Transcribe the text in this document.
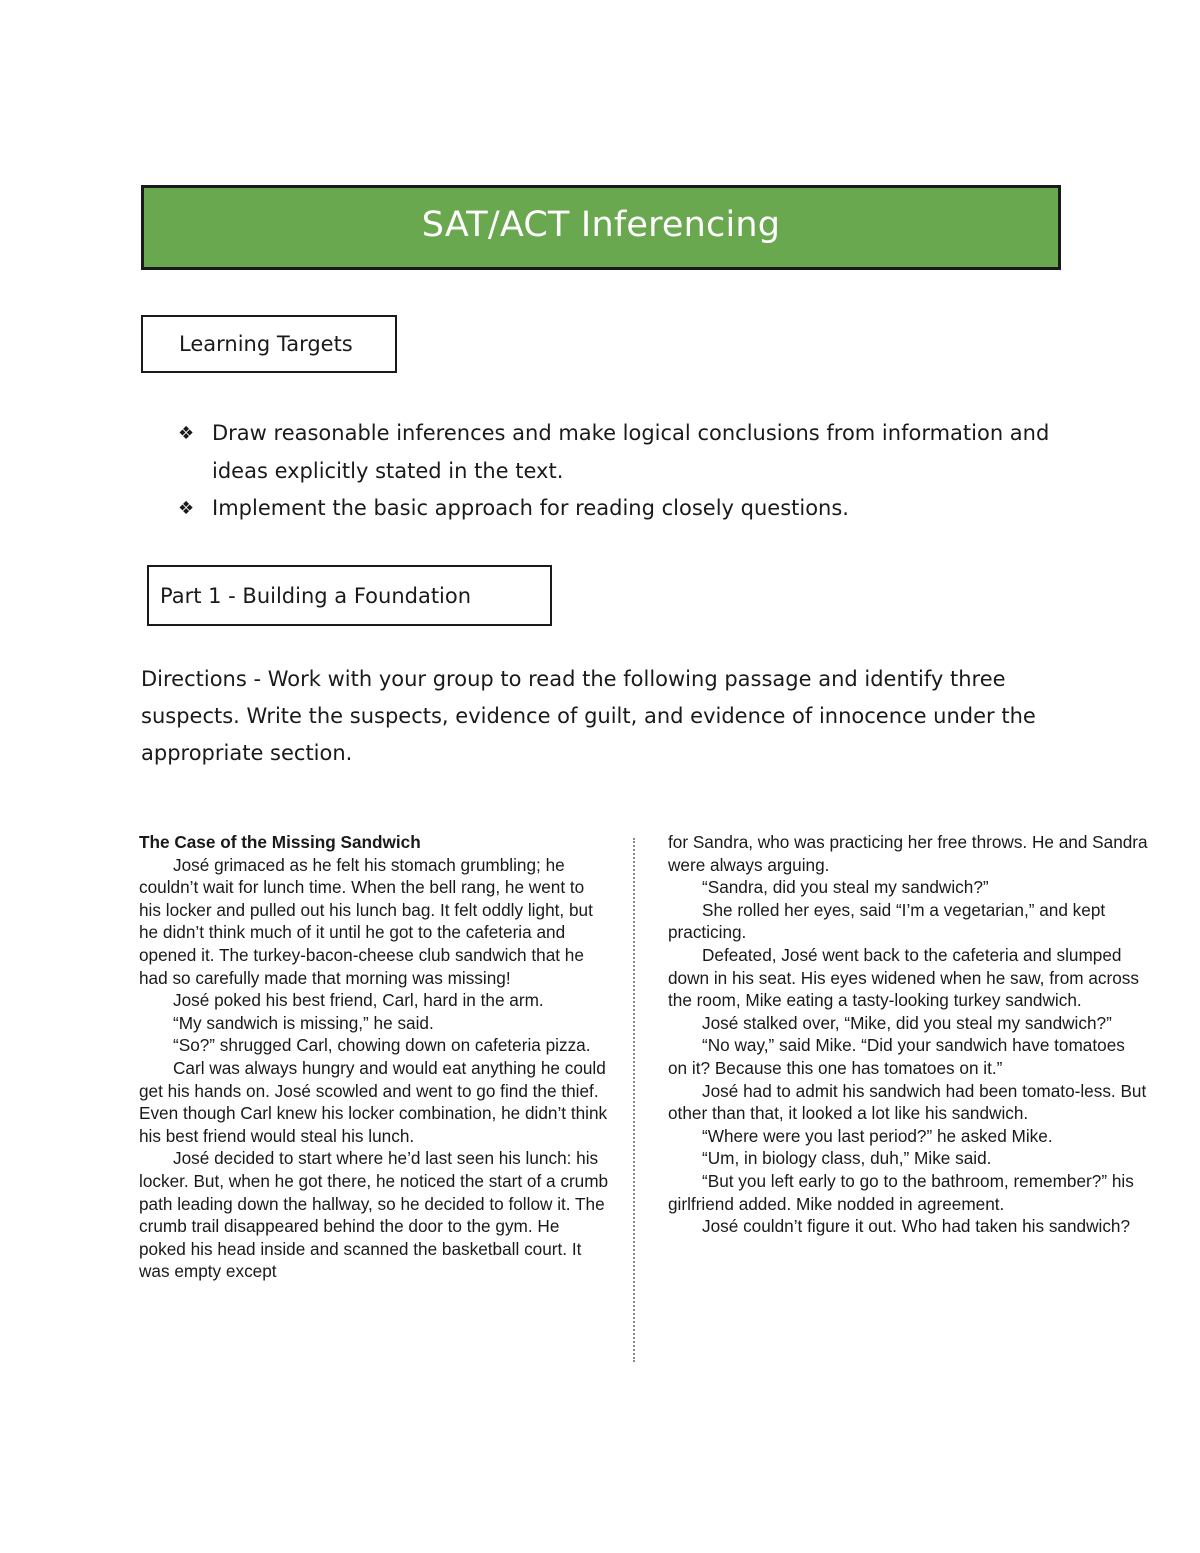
SAT/ACT Inferencing
Learning Targets
❖ Draw reasonable inferences and make logical conclusions from information and ideas explicitly stated in the text.
❖ Implement the basic approach for reading closely questions.
Part 1 - Building a Foundation

Directions - Work with your group to read the following passage and identify three suspects. Write the suspects, evidence of guilt, and evidence of innocence under the appropriate section.

The Case of the Missing Sandwich

José grimaced as he felt his stomach grumbling; he couldn’t wait for lunch time. When the bell rang, he went to his locker and pulled out his lunch bag. It felt oddly light, but he didn’t think much of it until he got to the cafeteria and opened it. The turkey-bacon-cheese club sandwich that he had so carefully made that morning was missing!

José poked his best friend, Carl, hard in the arm.

“My sandwich is missing,” he said.

“So?” shrugged Carl, chowing down on cafeteria pizza.

Carl was always hungry and would eat anything he could get his hands on. José scowled and went to go find the thief. Even though Carl knew his locker combination, he didn’t think his best friend would steal his lunch.

José decided to start where he’d last seen his lunch: his locker. But, when he got there, he noticed the start of a crumb path leading down the hallway, so he decided to follow it. The crumb trail disappeared behind the door to the gym. He poked his head inside and scanned the basketball court. It was empty except

for Sandra, who was practicing her free throws. He and Sandra were always arguing.

“Sandra, did you steal my sandwich?”

She rolled her eyes, said “I’m a vegetarian,” and kept practicing.

Defeated, José went back to the cafeteria and slumped down in his seat. His eyes widened when he saw, from across the room, Mike eating a tasty-looking turkey sandwich.

José stalked over, “Mike, did you steal my sandwich?”

“No way,” said Mike. “Did your sandwich have tomatoes on it? Because this one has tomatoes on it.”

José had to admit his sandwich had been tomato-less. But other than that, it looked a lot like his sandwich.

“Where were you last period?” he asked Mike.

“Um, in biology class, duh,” Mike said.

“But you left early to go to the bathroom, remember?” his girlfriend added. Mike nodded in agreement.

José couldn’t figure it out. Who had taken his sandwich?
